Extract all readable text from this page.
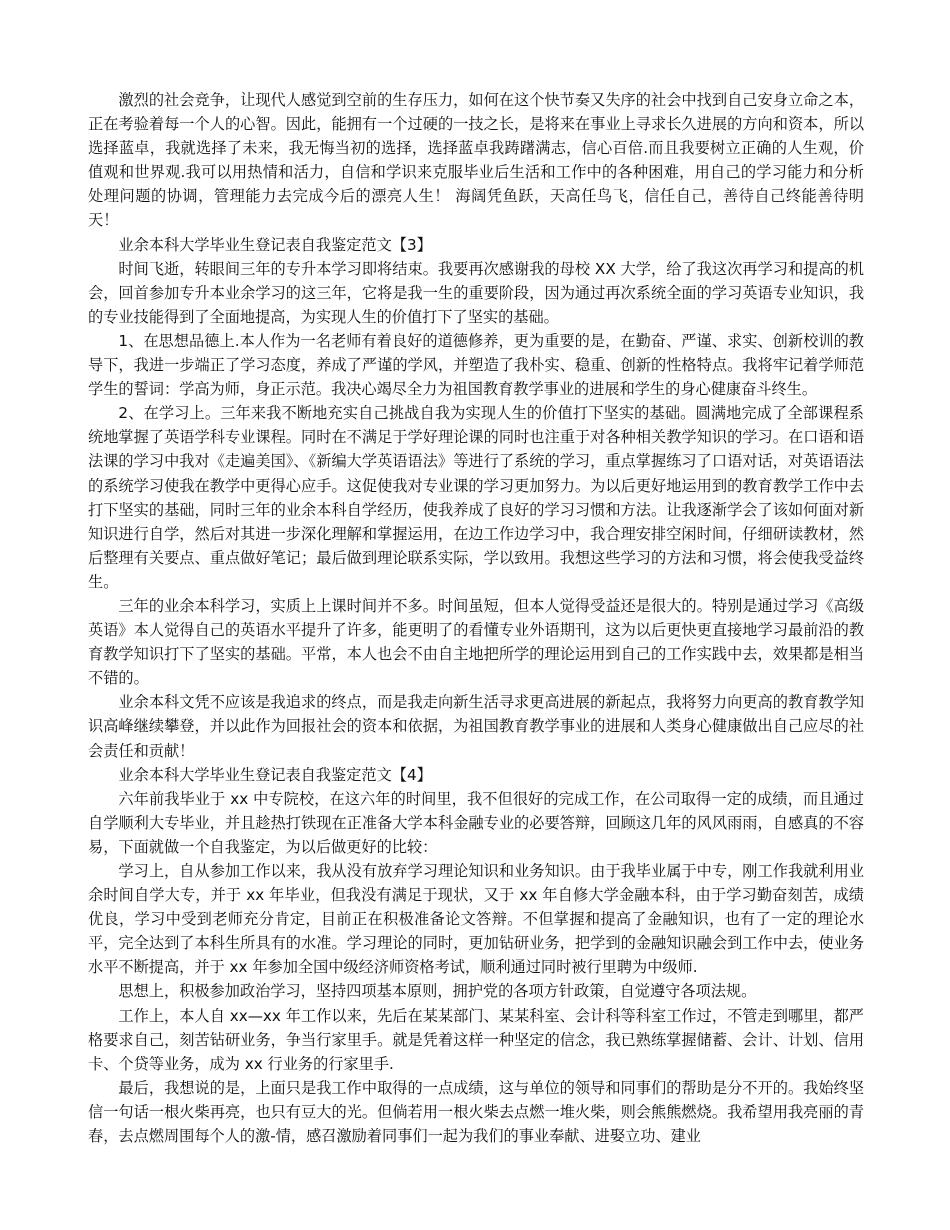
激烈的社会竞争，让现代人感觉到空前的生存压力，如何在这个快节奏又失序的社会中找到自己安身立命之本，正在考验着每一个人的心智。因此，能拥有一个过硬的一技之长，是将来在事业上寻求长久进展的方向和资本，所以选择蓝卓，我就选择了未来，我无悔当初的选择，选择蓝卓我踌躇满志，信心百倍.而且我要树立正确的人生观，价值观和世界观.我可以用热情和活力，自信和学识来克服毕业后生活和工作中的各种困难，用自己的学习能力和分析处理问题的协调，管理能力去完成今后的漂亮人生！ 海阔凭鱼跃，天高任鸟飞，信任自己，善待自己终能善待明天！

业余本科大学毕业生登记表自我鉴定范文【3】

时间飞逝，转眼间三年的专升本学习即将结束。我要再次感谢我的母校 XX 大学，给了我这次再学习和提高的机会，回首参加专升本业余学习的这三年，它将是我一生的重要阶段，因为通过再次系统全面的学习英语专业知识，我的专业技能得到了全面地提高，为实现人生的价值打下了坚实的基础。

1、在思想品德上.本人作为一名老师有着良好的道德修养，更为重要的是，在勤奋、严谨、求实、创新校训的教导下，我进一步端正了学习态度，养成了严谨的学风，并塑造了我朴实、稳重、创新的性格特点。我将牢记着学师范学生的誓词：学高为师，身正示范。我决心竭尽全力为祖国教育教学事业的进展和学生的身心健康奋斗终生。

2、在学习上。三年来我不断地充实自己挑战自我为实现人生的价值打下坚实的基础。圆满地完成了全部课程系统地掌握了英语学科专业课程。同时在不满足于学好理论课的同时也注重于对各种相关教学知识的学习。在口语和语法课的学习中我对《走遍美国》、《新编大学英语语法》等进行了系统的学习，重点掌握练习了口语对话，对英语语法的系统学习使我在教学中更得心应手。这促使我对专业课的学习更加努力。为以后更好地运用到的教育教学工作中去打下坚实的基础，同时三年的业余本科自学经历，使我养成了良好的学习习惯和方法。让我逐渐学会了该如何面对新知识进行自学，然后对其进一步深化理解和掌握运用，在边工作边学习中，我合理安排空闲时间，仔细研读教材，然后整理有关要点、重点做好笔记；最后做到理论联系实际，学以致用。我想这些学习的方法和习惯，将会使我受益终生。

三年的业余本科学习，实质上上课时间并不多。时间虽短，但本人觉得受益还是很大的。特别是通过学习《高级英语》本人觉得自己的英语水平提升了许多，能更明了的看懂专业外语期刊，这为以后更快更直接地学习最前沿的教育教学知识打下了坚实的基础。平常，本人也会不由自主地把所学的理论运用到自己的工作实践中去，效果都是相当不错的。

业余本科文凭不应该是我追求的终点，而是我走向新生活寻求更高进展的新起点，我将努力向更高的教育教学知识高峰继续攀登，并以此作为回报社会的资本和依据，为祖国教育教学事业的进展和人类身心健康做出自己应尽的社会责任和贡献！

业余本科大学毕业生登记表自我鉴定范文【4】

六年前我毕业于 xx 中专院校，在这六年的时间里，我不但很好的完成工作，在公司取得一定的成绩，而且通过自学顺利大专毕业，并且趁热打铁现在正准备大学本科金融专业的必要答辩，回顾这几年的风风雨雨，自感真的不容易，下面就做一个自我鉴定，为以后做更好的比较：

学习上，自从参加工作以来，我从没有放弃学习理论知识和业务知识。由于我毕业属于中专，刚工作我就利用业余时间自学大专，并于 xx 年毕业，但我没有满足于现状，又于 xx 年自修大学金融本科，由于学习勤奋刻苦，成绩优良，学习中受到老师充分肯定，目前正在积极准备论文答辩。不但掌握和提高了金融知识，也有了一定的理论水平，完全达到了本科生所具有的水准。学习理论的同时，更加钻研业务，把学到的金融知识融会到工作中去，使业务水平不断提高，并于 xx 年参加全国中级经济师资格考试，顺利通过同时被行里聘为中级师.

思想上，积极参加政治学习，坚持四项基本原则，拥护党的各项方针政策，自觉遵守各项法规。

工作上，本人自 xx—xx 年工作以来，先后在某某部门、某某科室、会计科等科室工作过，不管走到哪里，都严格要求自己，刻苦钻研业务，争当行家里手。就是凭着这样一种坚定的信念，我已熟练掌握储蓄、会计、计划、信用卡、个贷等业务，成为 xx 行业务的行家里手.

最后，我想说的是，上面只是我工作中取得的一点成绩，这与单位的领导和同事们的帮助是分不开的。我始终坚信一句话一根火柴再亮，也只有豆大的光。但倘若用一根火柴去点燃一堆火柴，则会熊熊燃烧。我希望用我亮丽的青春，去点燃周围每个人的激-情，感召激励着同事们一起为我们的事业奉献、进娶立功、建业
